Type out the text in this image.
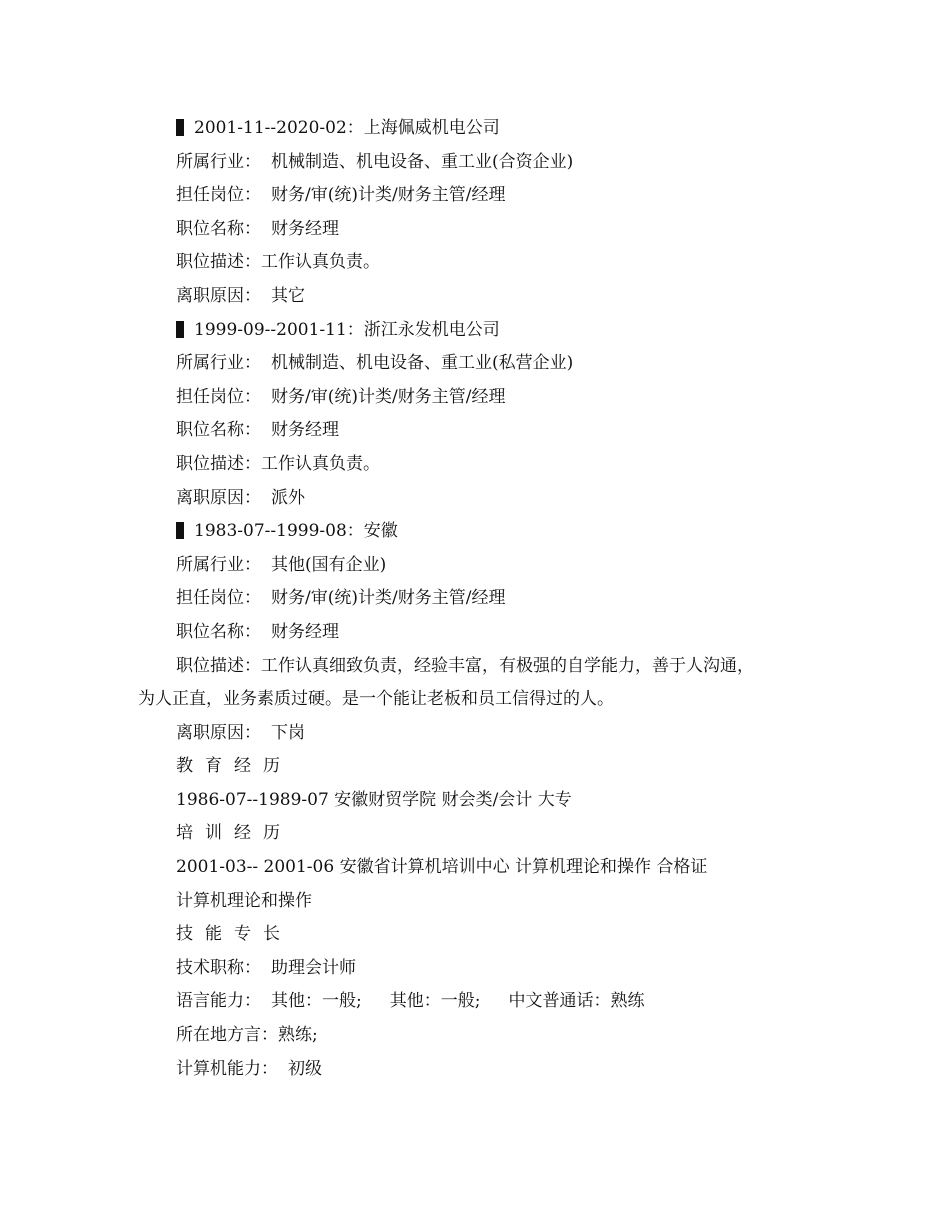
2001-11--2020-02：上海佩威机电公司
所属行业： 机械制造、机电设备、重工业(合资企业)
担任岗位： 财务/审(统)计类/财务主管/经理
职位名称： 财务经理
职位描述：工作认真负责。
离职原因： 其它
1999-09--2001-11：浙江永发机电公司
所属行业： 机械制造、机电设备、重工业(私营企业)
担任岗位： 财务/审(统)计类/财务主管/经理
职位名称： 财务经理
职位描述：工作认真负责。
离职原因： 派外
1983-07--1999-08：安徽
所属行业： 其他(国有企业)
担任岗位： 财务/审(统)计类/财务主管/经理
职位名称： 财务经理
职位描述：工作认真细致负责，经验丰富，有极强的自学能力，善于人沟通，
为人正直，业务素质过硬。是一个能让老板和员工信得过的人。
离职原因： 下岗
教育经历
1986-07--1989-07 安徽财贸学院 财会类/会计 大专
培训经历
2001-03-- 2001-06 安徽省计算机培训中心 计算机理论和操作 合格证
计算机理论和操作
技能专长
技术职称： 助理会计师
语言能力： 其他：一般; 其他：一般; 中文普通话：熟练
所在地方言：熟练;
计算机能力： 初级
